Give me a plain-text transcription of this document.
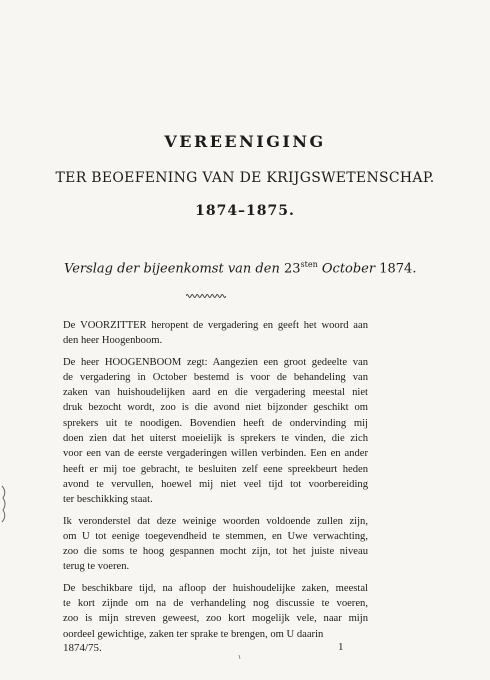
VEREENIGING
TER BEOEFENING VAN DE KRIJGSWETENSCHAP.
1874–1875.
Verslag der bijeenkomst van den $23^{sten}$ October 1874.
De VOORZITTER heropent de vergadering en geeft het woord aan
den heer Hoogenboom.
De heer HOOGENBOOM zegt: Aangezien een groot gedeelte van
de vergadering in October bestemd is voor de behandeling van
zaken van huishoudelijken aard en die vergadering meestal niet
druk bezocht wordt, zoo is die avond niet bijzonder geschikt om
sprekers uit te noodigen. Bovendien heeft de ondervinding mij
doen zien dat het uiterst moeielijk is sprekers te vinden, die zich
voor een van de eerste vergaderingen willen verbinden. Een en ander
heeft er mij toe gebracht, te besluiten zelf eene spreekbeurt heden
avond te vervullen, hoewel mij niet veel tijd tot voorbereiding
ter beschikking staat.
Ik veronderstel dat deze weinige woorden voldoende zullen zijn,
om U tot eenige toegevendheid te stemmen, en Uwe verwachting,
zoo die soms te hoog gespannen mocht zijn, tot het juiste niveau
terug te voeren.
De beschikbare tijd, na afloop der huishoudelijke zaken, meestal
te kort zijnde om na de verhandeling nog discussie te voeren,
zoo is mijn streven geweest, zoo kort mogelijk vele, naar mijn
oordeel gewichtige, zaken ter sprake te brengen, om U daarin
1874/75.	1
